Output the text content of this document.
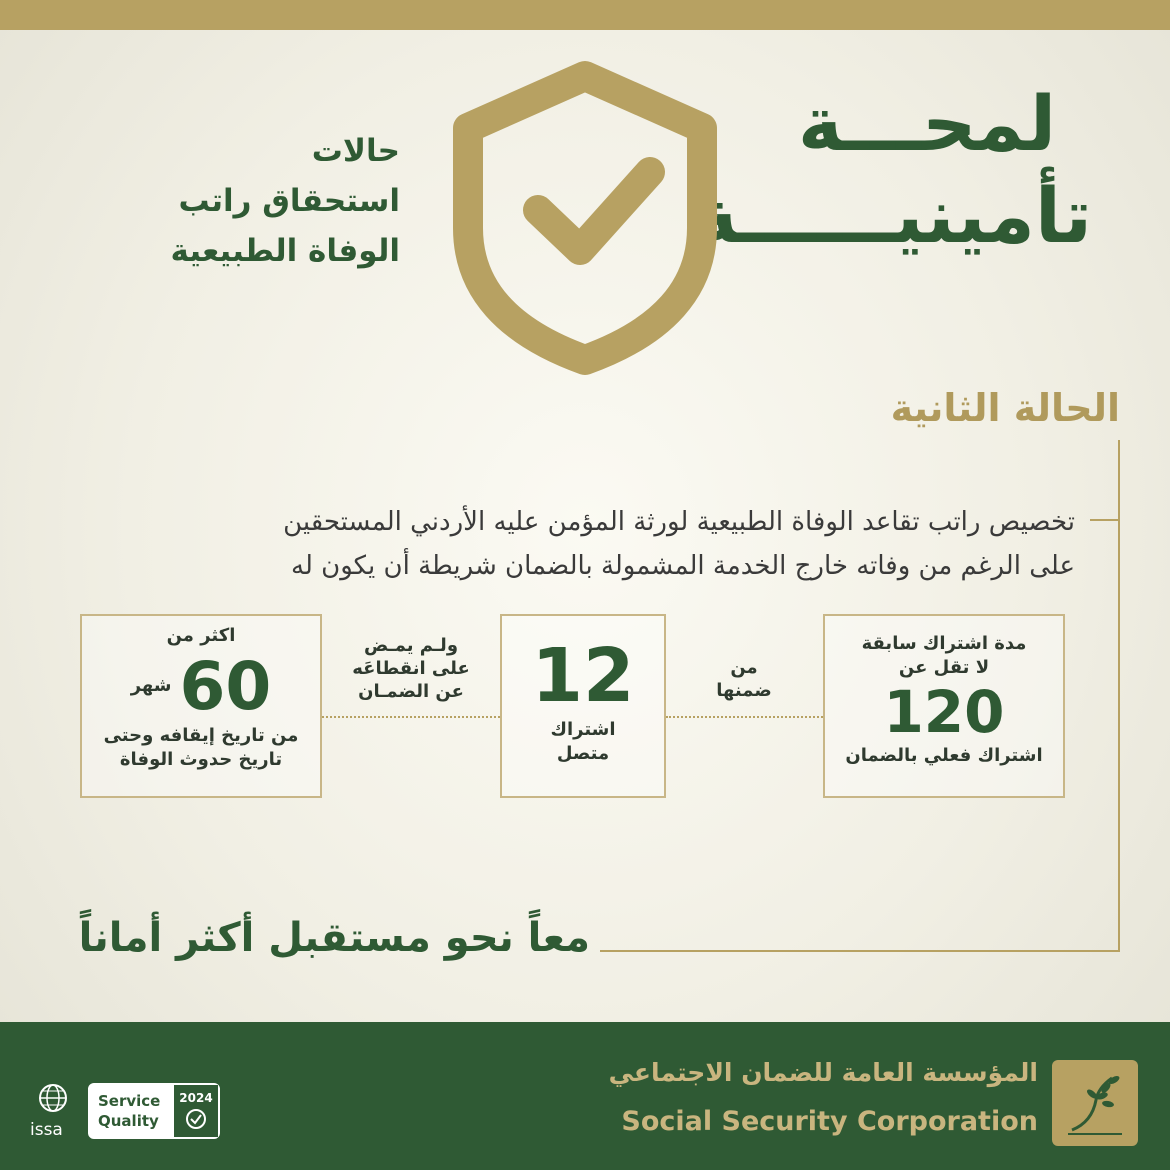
لمحـــة
تأمينيــــــة
حالات
استحقاق راتب
الوفاة الطبيعية
الحالة الثانية
تخصيص راتب تقاعد الوفاة الطبيعية لورثة المؤمن عليه الأردني المستحقين
على الرغم من وفاته خارج الخدمة المشمولة بالضمان شريطة أن يكون له
مدة اشتراك سابقة
لا تقل عن
120
اشتراك فعلي بالضمان
من
ضمنها
12
اشتراك
متصل
ولـم يمـض
على انقطاعَه
عن الضمـان
اكثر من
60
شهر
من تاريخ إيقافه وحتى
تاريخ حدوث الوفاة
معاً نحو مستقبل أكثر أماناً
المؤسسة العامة للضمان الاجتماعي
Social Security Corporation
issa
Service
Quality
2024
